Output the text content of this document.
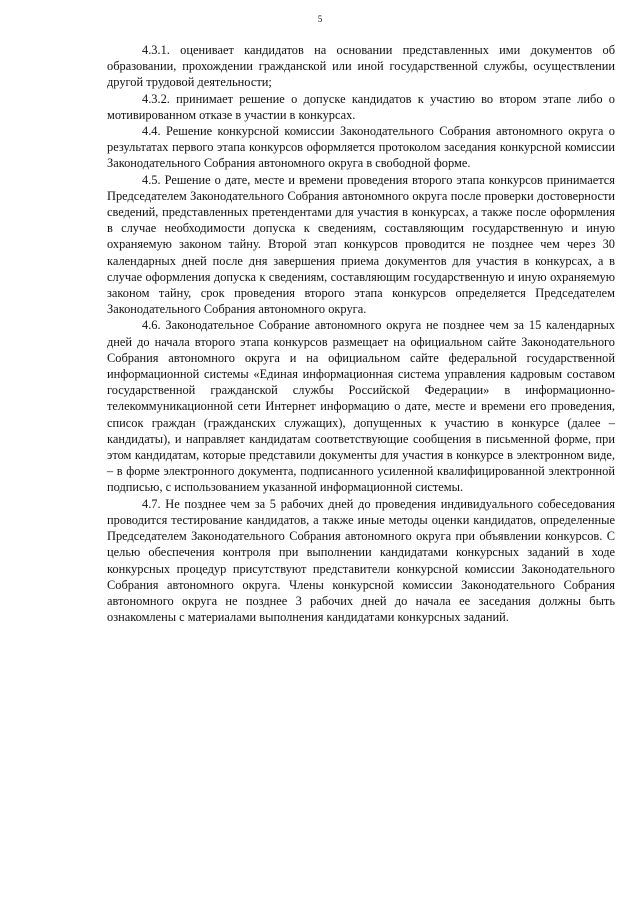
5

4.3.1. оценивает кандидатов на основании представленных ими документов об образовании, прохождении гражданской или иной государственной службы, осуществлении другой трудовой деятельности;

4.3.2. принимает решение о допуске кандидатов к участию во втором этапе либо о мотивированном отказе в участии в конкурсах.

4.4. Решение конкурсной комиссии Законодательного Собрания автономного округа о результатах первого этапа конкурсов оформляется протоколом заседания конкурсной комиссии Законодательного Собрания автономного округа в свободной форме.

4.5. Решение о дате, месте и времени проведения второго этапа конкурсов принимается Председателем Законодательного Собрания автономного округа после проверки достоверности сведений, представленных претендентами для участия в конкурсах, а также после оформления в случае необходимости допуска к сведениям, составляющим государственную и иную охраняемую законом тайну. Второй этап конкурсов проводится не позднее чем через 30 календарных дней после дня завершения приема документов для участия в конкурсах, а в случае оформления допуска к сведениям, составляющим государственную и иную охраняемую законом тайну, срок проведения второго этапа конкурсов определяется Председателем Законодательного Собрания автономного округа.

4.6. Законодательное Собрание автономного округа не позднее чем за 15 календарных дней до начала второго этапа конкурсов размещает на официальном сайте Законодательного Собрания автономного округа и на официальном сайте федеральной государственной информационной системы «Единая информационная система управления кадровым составом государственной гражданской службы Российской Федерации» в информационно-телекоммуникационной сети Интернет информацию о дате, месте и времени его проведения, список граждан (гражданских служащих), допущенных к участию в конкурсе (далее – кандидаты), и направляет кандидатам соответствующие сообщения в письменной форме, при этом кандидатам, которые представили документы для участия в конкурсе в электронном виде, – в форме электронного документа, подписанного усиленной квалифицированной электронной подписью, с использованием указанной информационной системы.

4.7. Не позднее чем за 5 рабочих дней до проведения индивидуального собеседования проводится тестирование кандидатов, а также иные методы оценки кандидатов, определенные Председателем Законодательного Собрания автономного округа при объявлении конкурсов. С целью обеспечения контроля при выполнении кандидатами конкурсных заданий в ходе конкурсных процедур присутствуют представители конкурсной комиссии Законодательного Собрания автономного округа. Члены конкурсной комиссии Законодательного Собрания автономного округа не позднее 3 рабочих дней до начала ее заседания должны быть ознакомлены с материалами выполнения кандидатами конкурсных заданий.
